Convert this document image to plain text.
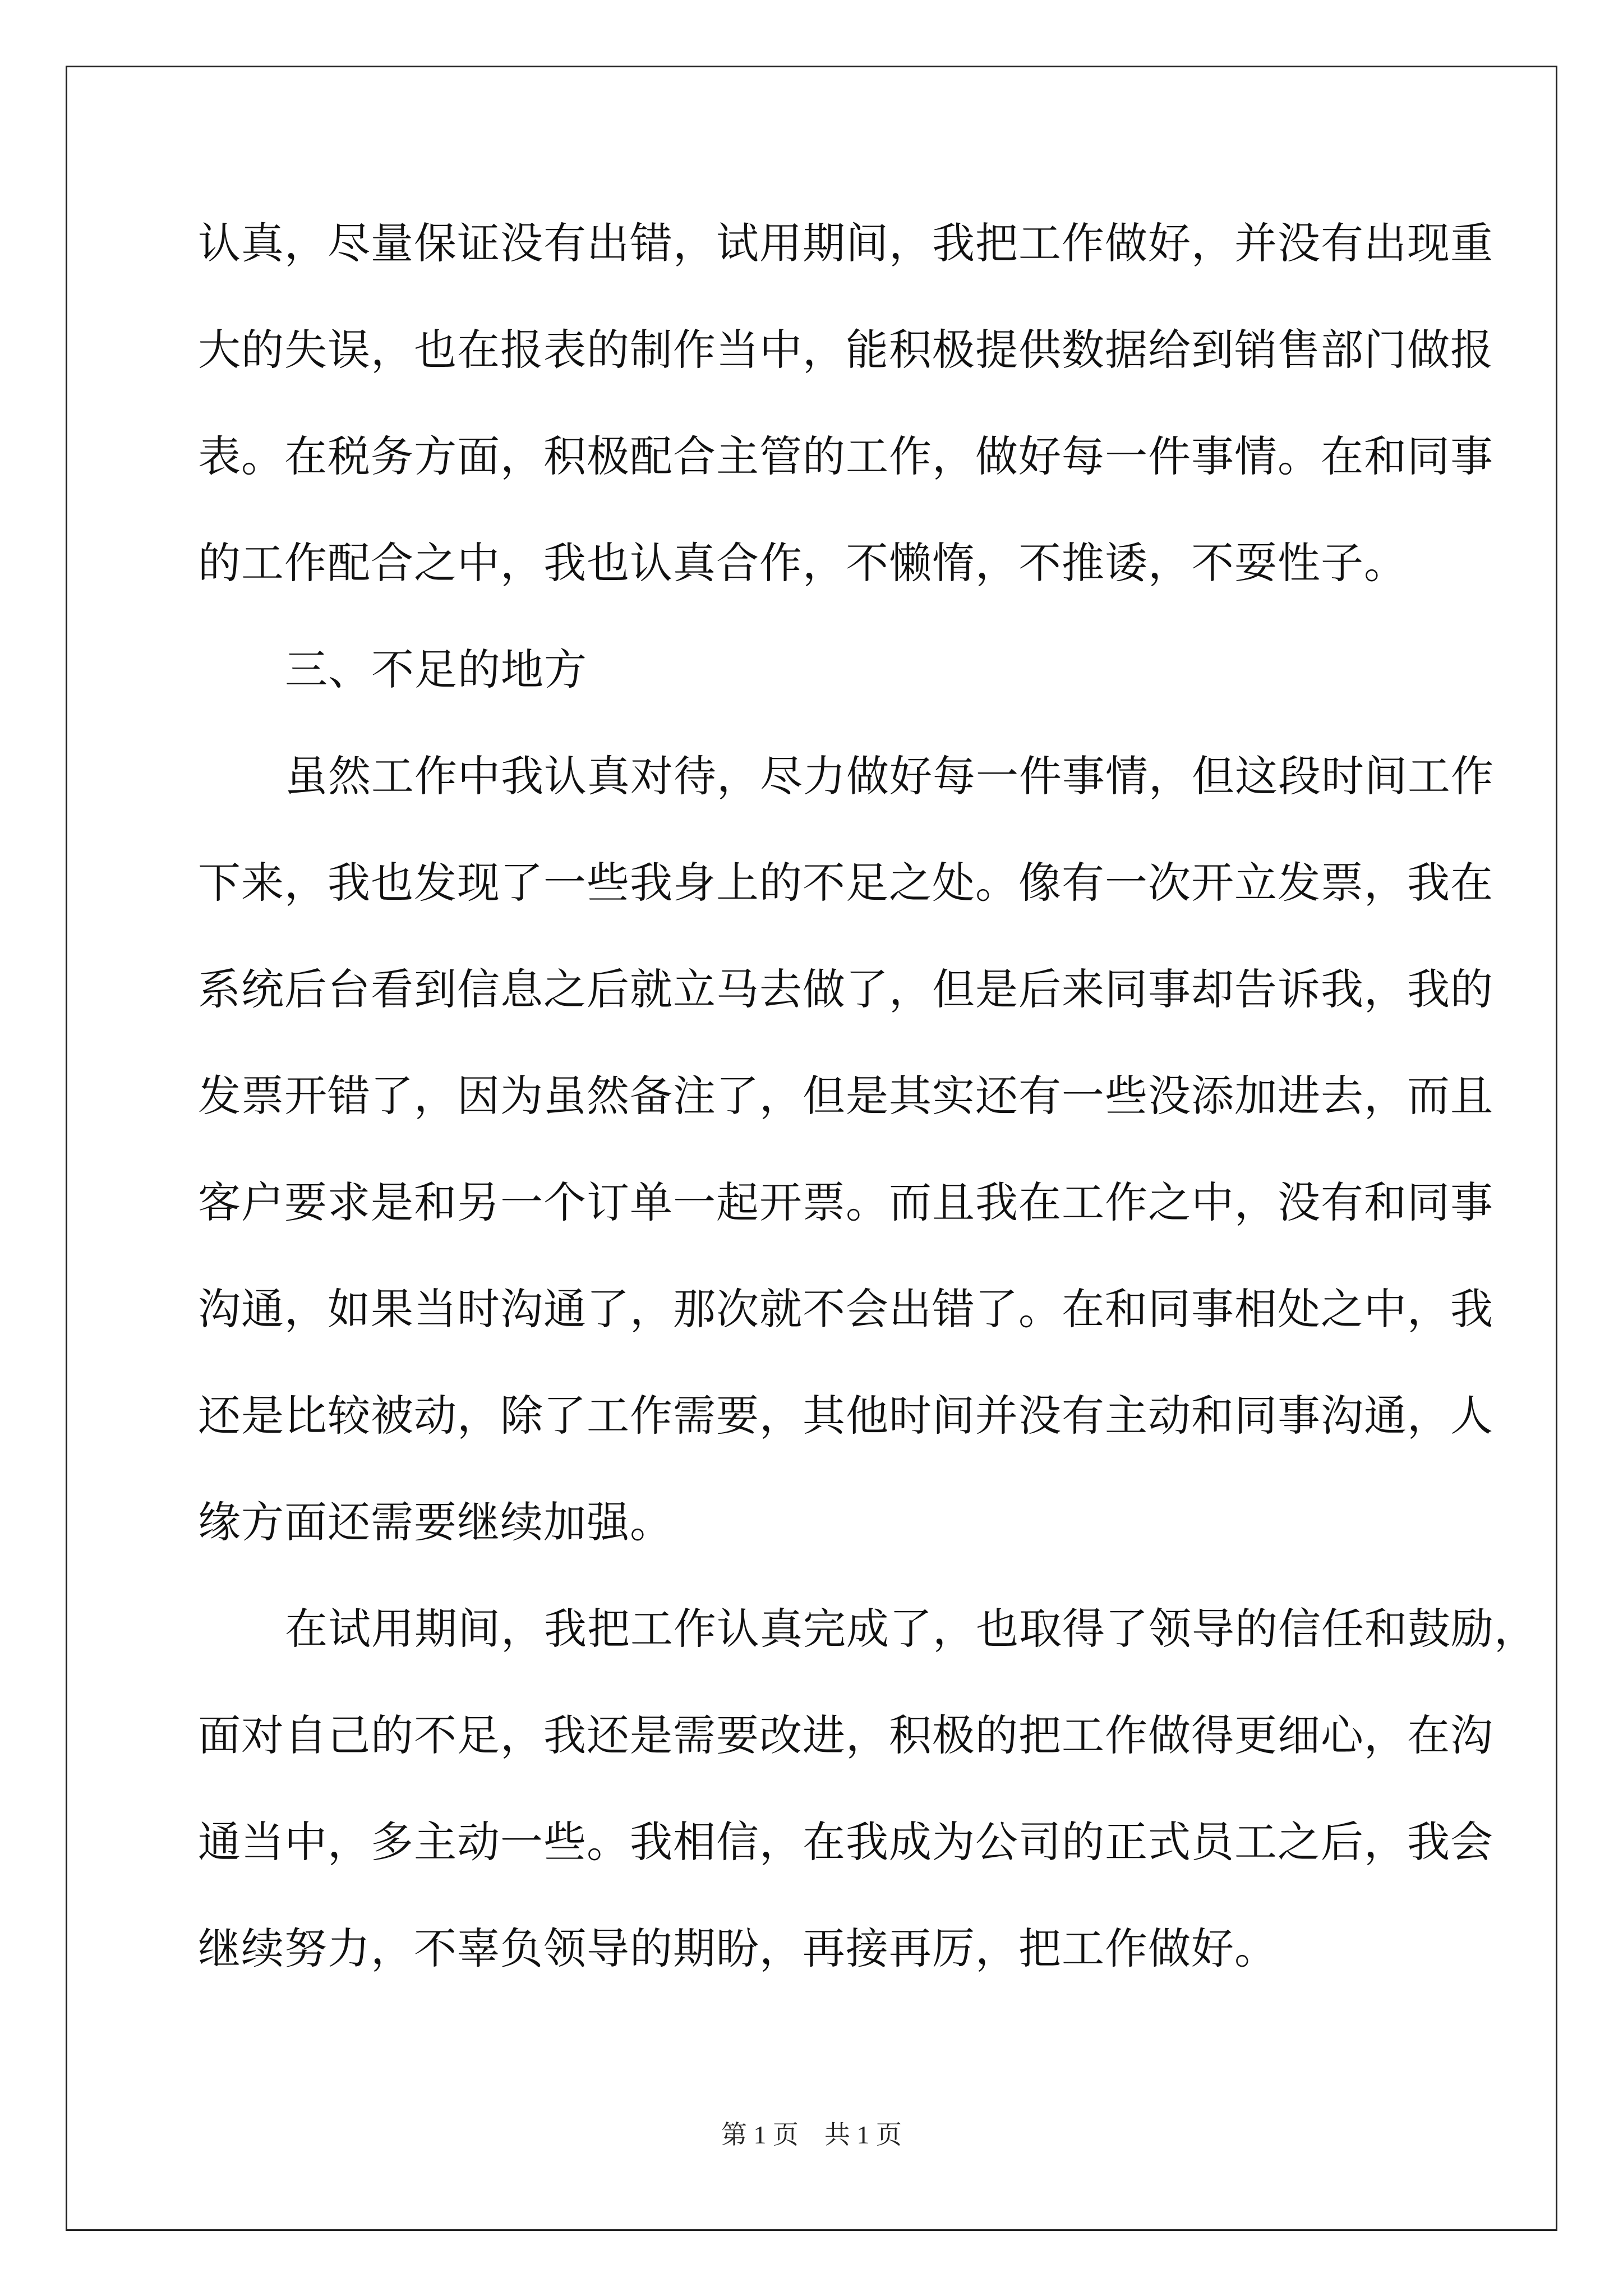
认真，尽量保证没有出错，试用期间，我把工作做好，并没有出现重
大的失误，也在报表的制作当中，能积极提供数据给到销售部门做报
表。在税务方面，积极配合主管的工作，做好每一件事情。在和同事
的工作配合之中，我也认真合作，不懒惰，不推诿，不耍性子。
三、不足的地方
虽然工作中我认真对待，尽力做好每一件事情，但这段时间工作
下来，我也发现了一些我身上的不足之处。像有一次开立发票，我在
系统后台看到信息之后就立马去做了，但是后来同事却告诉我，我的
发票开错了，因为虽然备注了，但是其实还有一些没添加进去，而且
客户要求是和另一个订单一起开票。而且我在工作之中，没有和同事
沟通，如果当时沟通了，那次就不会出错了。在和同事相处之中，我
还是比较被动，除了工作需要，其他时间并没有主动和同事沟通，人
缘方面还需要继续加强。
在试用期间，我把工作认真完成了，也取得了领导的信任和鼓励，
面对自己的不足，我还是需要改进，积极的把工作做得更细心，在沟
通当中，多主动一些。我相信，在我成为公司的正式员工之后，我会
继续努力，不辜负领导的期盼，再接再厉，把工作做好。
第 1 页　共 1 页
